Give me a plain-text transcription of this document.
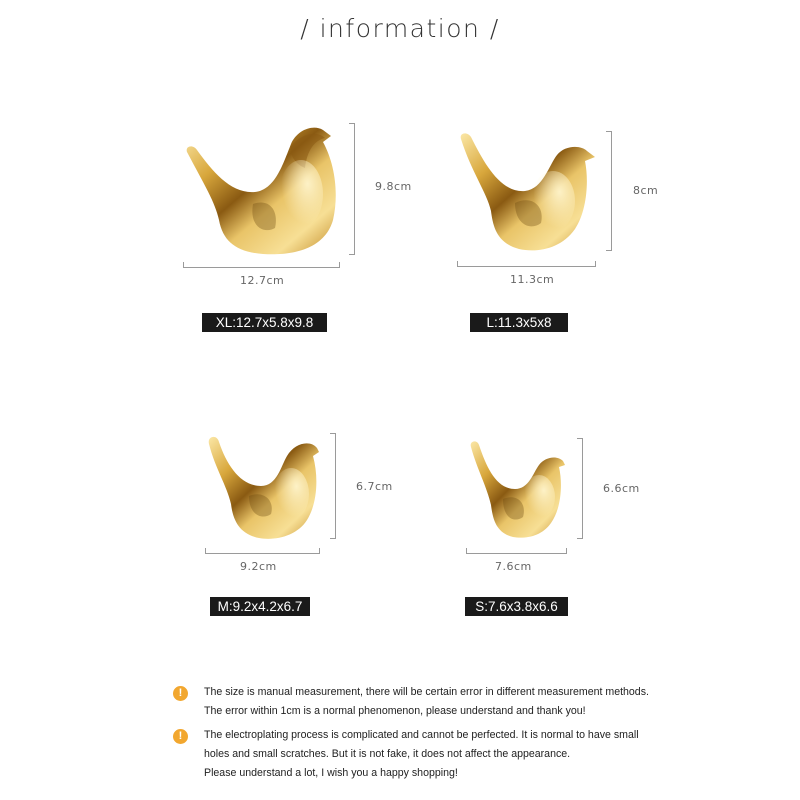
/ information /
9.8cm
12.7cm
XL:12.7x5.8x9.8
8cm
11.3cm
L:11.3x5x8
6.7cm
9.2cm
M:9.2x4.2x6.7
6.6cm
7.6cm
S:7.6x3.8x6.6
!	The size is manual measurement, there will be certain error in different measurement methods.
The error within 1cm is a normal phenomenon, please understand and thank you!
!	The electroplating process is complicated and cannot be perfected. It is normal to have small
holes and small scratches. But it is not fake, it does not affect the appearance.
Please understand a lot, I wish you a happy shopping!
